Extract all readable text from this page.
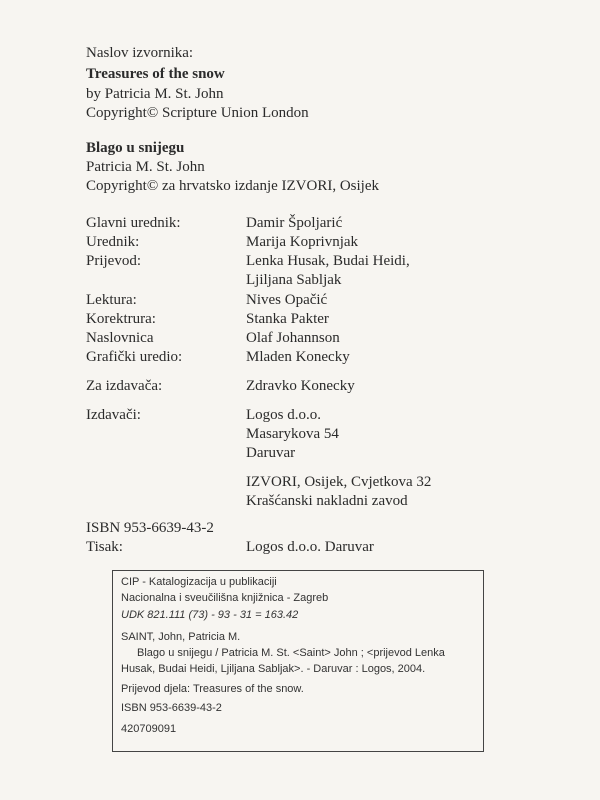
Naslov izvornika:
Treasures of the snow
by Patricia M. St. John
Copyright© Scripture Union London
Blago u snijegu
Patricia M. St. John
Copyright© za hrvatsko izdanje IZVORI, Osijek
Glavni urednik:	Damir Špoljarić
Urednik:	Marija Koprivnjak
Prijevod:	Lenka Husak, Budai Heidi,
Ljiljana Sabljak
Lektura:	Nives Opačić
Korektrura:	Stanka Pakter
Naslovnica	Olaf Johannson
Grafički uredio:	Mladen Konecky
Za izdavača:	Zdravko Konecky
Izdavači:	Logos d.o.o.
Masarykova 54
Daruvar
IZVORI, Osijek, Cvjetkova 32
Krašćanski nakladni zavod
ISBN 953-6639-43-2
Tisak:	Logos d.o.o. Daruvar
CIP - Katalogizacija u publikaciji
Nacionalna i sveučilišna knjižnica - Zagreb
UDK 821.111 (73) - 93 - 31 = 163.42
SAINT, John, Patricia M.
Blago u snijegu / Patricia M. St. <Saint> John ; <prijevod Lenka
Husak, Budai Heidi, Ljiljana Sabljak>. - Daruvar : Logos, 2004.
Prijevod djela: Treasures of the snow.
ISBN 953-6639-43-2
420709091
